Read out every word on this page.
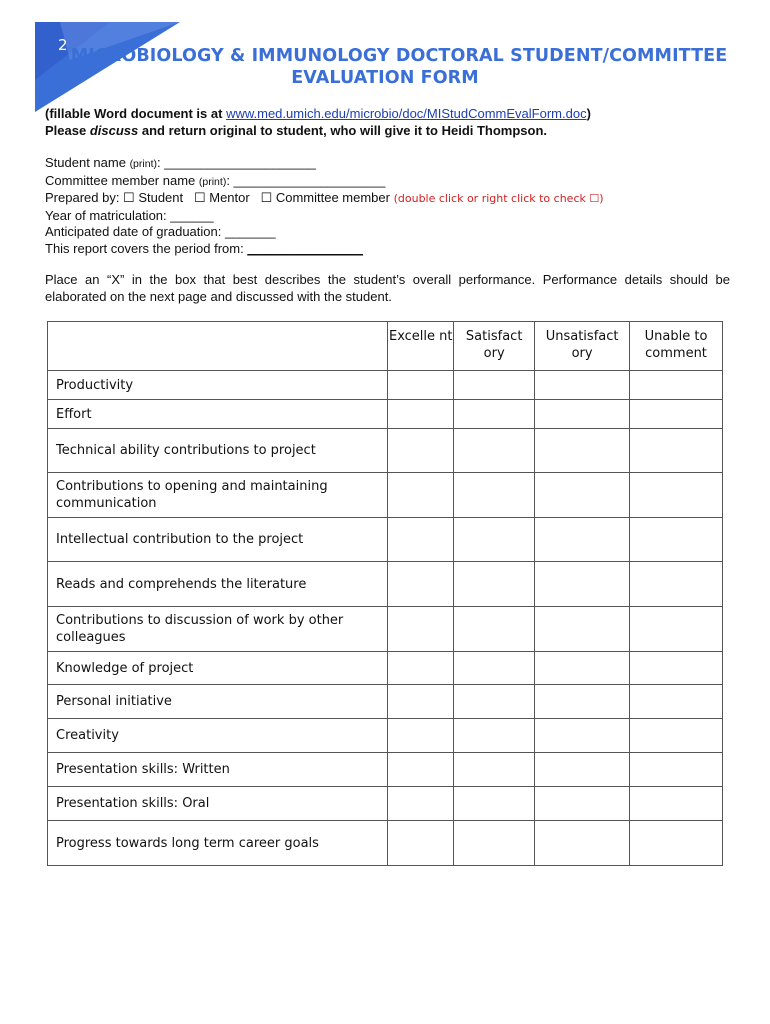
2
MICROBIOLOGY & IMMUNOLOGY DOCTORAL STUDENT/COMMITTEE
EVALUATION FORM
(fillable Word document is at www.med.umich.edu/microbio/doc/MIStudCommEvalForm.doc)
Please discuss and return original to student, who will give it to Heidi Thompson.
Student name (print): _____________________
Committee member name (print): _____________________
Prepared by: ☐ Student ☐ Mentor ☐ Committee member (double click or right click to check ☐)
Year of matriculation: ______
Anticipated date of graduation: _______
This report covers the period from: ________________
Place an “X” in the box that best describes the student’s overall performance. Performance details should be elaborated on the next page and discussed with the student.
	Excelle nt	Satisfact ory	Unsatisfact ory	Unable to comment
Productivity				
Effort				
Technical ability contributions to project				
Contributions to opening and maintaining communication				
Intellectual contribution to the project				
Reads and comprehends the literature				
Contributions to discussion of work by other colleagues				
Knowledge of project				
Personal initiative				
Creativity				
Presentation skills: Written				
Presentation skills: Oral				
Progress towards long term career goals				
